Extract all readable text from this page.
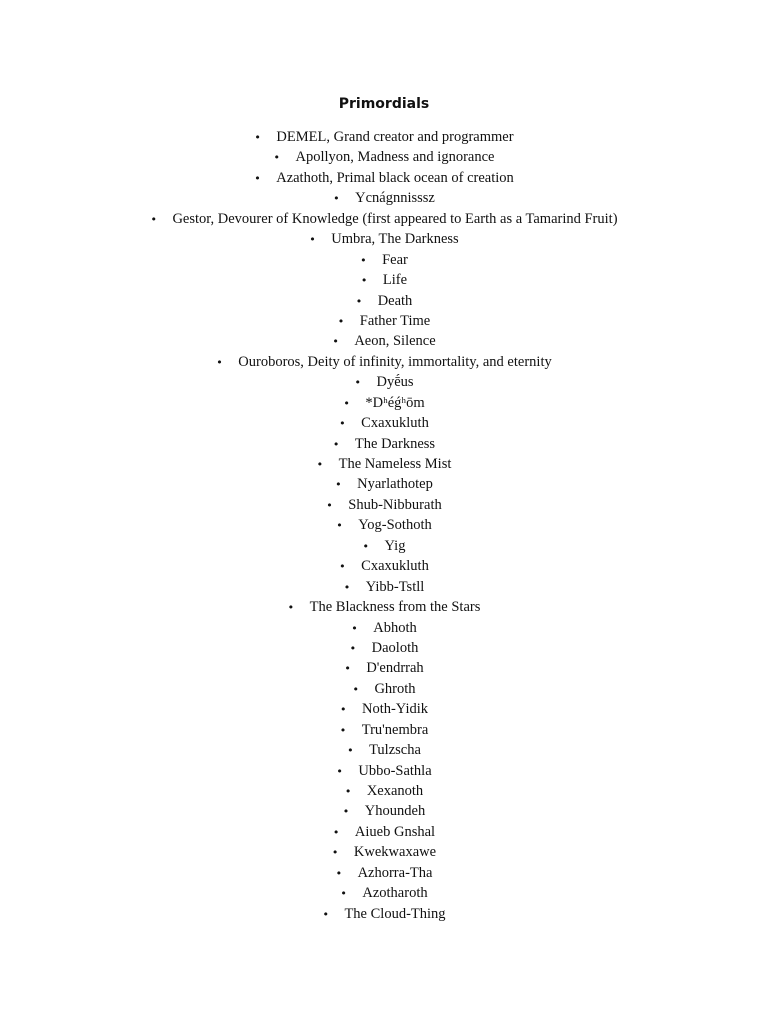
Primordials
• DEMEL, Grand creator and programmer
• Apollyon, Madness and ignorance
• Azathoth, Primal black ocean of creation
• Ycnágnnisssz
• Gestor, Devourer of Knowledge (first appeared to Earth as a Tamarind Fruit)
• Umbra, The Darkness
• Fear
• Life
• Death
• Father Time
• Aeon, Silence
• Ouroboros, Deity of infinity, immortality, and eternity
• Dyḗus
• *Dʰéǵʰōm
• Cxaxukluth
• The Darkness
• The Nameless Mist
• Nyarlathotep
• Shub-Nibburath
• Yog-Sothoth
• Yig
• Cxaxukluth
• Yibb-Tstll
• The Blackness from the Stars
• Abhoth
• Daoloth
• D'endrrah
• Ghroth
• Noth-Yidik
• Tru'nembra
• Tulzscha
• Ubbo-Sathla
• Xexanoth
• Yhoundeh
• Aiueb Gnshal
• Kwekwaxawe
• Azhorra-Tha
• Azotharoth
• The Cloud-Thing
